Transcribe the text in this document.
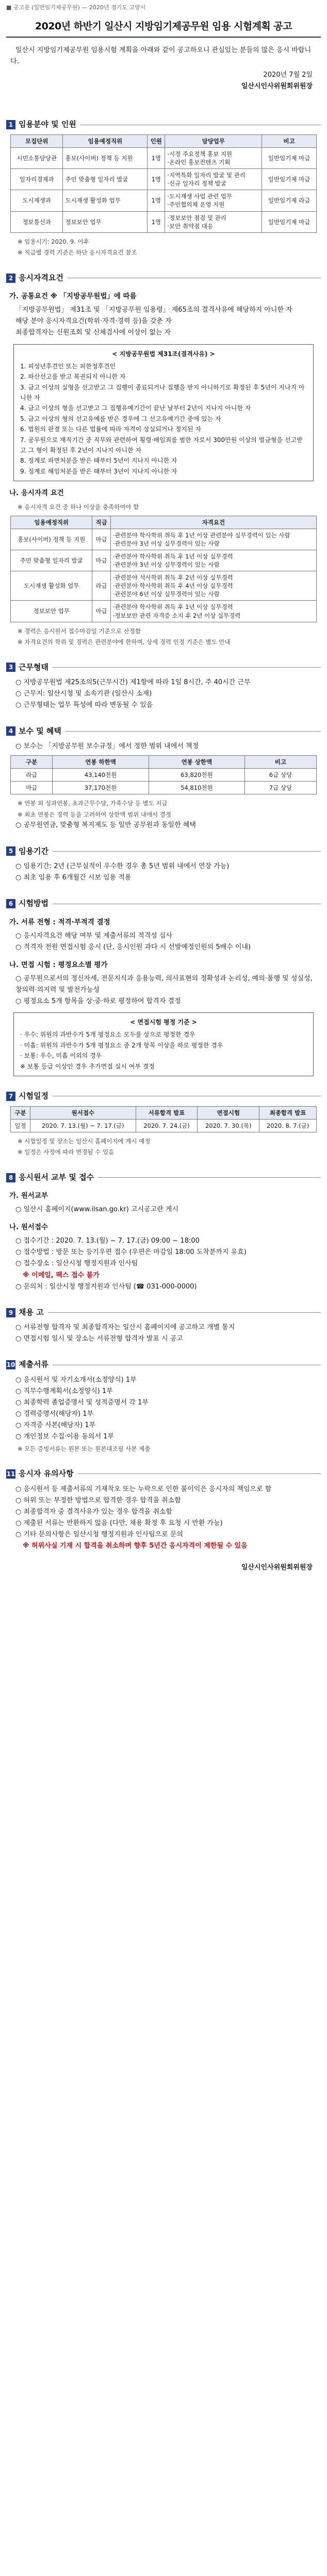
■ 공고문 (일반임기제공무원) — 2020년 경기도 고양시
2020년 하반기 일산시 지방임기제공무원 임용 시험계획 공고
일산시 지방임기제공무원 임용시험 계획을 아래와 같이 공고하오니 관심있는 분들의 많은 응시 바랍니다.
2020년 7월 2일
일산시인사위원회위원장
1 임용분야 및 인원
모집단위	임용예정직위	인원	담당업무	비고
시민소통담당관	홍보(사이버) 정책 등 지원	1명	·시정 주요정책 홍보 지원
·온라인 홍보컨텐츠 기획	일반임기제 마급
일자리경제과	주민 맞춤형 일자리 발굴	1명	·지역특화 일자리 발굴 및 관리
·신규 일자리 정책 발굴	일반임기제 마급
도시재생과	도시재생 활성화 업무	1명	·도시재생 사업 관련 업무
·주민협의체 운영 지원	일반임기제 라급
정보통신과	정보보안 업무	1명	·정보보안 점검 및 관리
·보안 취약점 대응	일반임기제 마급
※ 임용시기: 2020. 9. 이후
※ 직급별 경력 기준은 하단 응시자격요건 참조
2 응시자격요건
가. 공통요건 ※ 「지방공무원법」에 따름
「지방공무원법」 제31조 및 「지방공무원 임용령」 제65조의 결격사유에 해당하지 아니한 자
해당 분야 응시자격요건(학위·자격·경력 등)을 갖춘 자
최종합격자는 신원조회 및 신체검사에 이상이 없는 자
< 지방공무원법 제31조(결격사유) >
1. 피성년후견인 또는 피한정후견인
2. 파산선고를 받고 복권되지 아니한 자
3. 금고 이상의 실형을 선고받고 그 집행이 종료되거나 집행을 받지 아니하기로 확정된 후 5년이 지나지 아니한 자
4. 금고 이상의 형을 선고받고 그 집행유예기간이 끝난 날부터 2년이 지나지 아니한 자
5. 금고 이상의 형의 선고유예를 받은 경우에 그 선고유예기간 중에 있는 자
6. 법원의 판결 또는 다른 법률에 따라 자격이 상실되거나 정지된 자
7. 공무원으로 재직기간 중 직무와 관련하여 횡령·배임죄를 범한 자로서 300만원 이상의 벌금형을 선고받고 그 형이 확정된 후 2년이 지나지 아니한 자
8. 징계로 파면처분을 받은 때부터 5년이 지나지 아니한 자
9. 징계로 해임처분을 받은 때부터 3년이 지나지 아니한 자
나. 응시자격 요건
※ 응시자격 요건 중 하나 이상을 충족하여야 함
임용예정직위	직급	자격요건
홍보(사이버) 정책 등 지원	마급	·관련분야 학사학위 취득 후 1년 이상 관련분야 실무경력이 있는 사람
·관련분야 3년 이상 실무경력이 있는 사람
주민 맞춤형 일자리 발굴	마급	·관련분야 학사학위 취득 후 1년 이상 실무경력
·관련분야 3년 이상 실무경력이 있는 사람
도시재생 활성화 업무	라급	·관련분야 석사학위 취득 후 2년 이상 실무경력
·관련분야 학사학위 취득 후 4년 이상 실무경력
·관련분야 6년 이상 실무경력이 있는 사람
정보보안 업무	마급	·관련분야 학사학위 취득 후 1년 이상 실무경력
·정보보안 관련 자격증 소지 후 2년 이상 실무경력
※ 경력은 응시원서 접수마감일 기준으로 산정함
※ 자격요건의 학위 및 경력은 관련분야에 한하며, 상세 경력 인정 기준은 별도 안내
3 근무형태
○ 지방공무원법 제25조의5(근무시간) 제1항에 따라 1일 8시간, 주 40시간 근무
○ 근무지: 일산시청 및 소속기관 (일산시 소재)
○ 근무형태는 업무 특성에 따라 변동될 수 있음
4 보수 및 혜택
○ 보수는 「지방공무원 보수규정」에서 정한 범위 내에서 책정
구분	연봉 하한액	연봉 상한액	비고
라급	43,140천원	63,820천원	6급 상당
마급	37,170천원	54,810천원	7급 상당
※ 연봉 외 성과연봉, 초과근무수당, 가족수당 등 별도 지급
※ 최초 연봉은 경력 등을 고려하여 상한액 범위 내에서 결정
○ 공무원연금, 맞춤형 복지제도 등 일반 공무원과 동일한 혜택
5 임용기간
○ 임용기간: 2년 (근무실적이 우수한 경우 총 5년 범위 내에서 연장 가능)
○ 최초 임용 후 6개월간 시보 임용 적용
6 시험방법
가. 서류 전형 : 적격·부적격 결정
○ 응시자격요건 해당 여부 및 제출서류의 적격성 심사
○ 적격자 전원 면접시험 응시 (단, 응시인원 과다 시 선발예정인원의 5배수 이내)
나. 면접 시험 : 평정요소별 평가
○ 공무원으로서의 정신자세, 전문지식과 응용능력, 의사표현의 정확성과 논리성, 예의·품행 및 성실성, 창의력·의지력 및 발전가능성
○ 평정요소 5개 항목을 상·중·하로 평정하여 합격자 결정
< 면접시험 평정 기준 >
· 우수: 위원의 과반수가 5개 평정요소 모두를 상으로 평정한 경우
· 미흡: 위원의 과반수가 5개 평정요소 중 2개 항목 이상을 하로 평정한 경우
· 보통: 우수, 미흡 이외의 경우
※ 보통 등급 이상인 경우 추가면접 실시 여부 결정
7 시험일정
구분	원서접수	서류합격 발표	면접시험	최종합격 발표
일정	2020. 7. 13.(월) ~ 7. 17.(금)	2020. 7. 24.(금)	2020. 7. 30.(목)	2020. 8. 7.(금)
※ 시험일정 및 장소는 일산시 홈페이지에 게시 예정
※ 일정은 사정에 따라 변경될 수 있음
8 응시원서 교부 및 접수
가. 원서교부
○ 일산시 홈페이지(www.ilsan.go.kr) 고시공고란 게시
나. 원서접수
○ 접수기간 : 2020. 7. 13.(월) ~ 7. 17.(금) 09:00 ~ 18:00
○ 접수방법 : 방문 또는 등기우편 접수 (우편은 마감일 18:00 도착분까지 유효)
○ 접수장소 : 일산시청 행정지원과 인사팀
※ 이메일, 팩스 접수 불가
○ 문의처 : 일산시청 행정지원과 인사팀 (☎ 031-000-0000)
9 채용 고
○ 서류전형 합격자 및 최종합격자는 일산시 홈페이지에 공고하고 개별 통지
○ 면접시험 일시 및 장소는 서류전형 합격자 발표 시 공고
10 제출서류
○ 응시원서 및 자기소개서(소정양식) 1부
○ 직무수행계획서(소정양식) 1부
○ 최종학력 졸업증명서 및 성적증명서 각 1부
○ 경력증명서(해당자) 1부
○ 자격증 사본(해당자) 1부
○ 개인정보 수집·이용 동의서 1부
※ 모든 증빙서류는 원본 또는 원본대조필 사본 제출
11 응시자 유의사항
○ 응시원서 등 제출서류의 기재착오 또는 누락으로 인한 불이익은 응시자의 책임으로 함
○ 허위 또는 부정한 방법으로 합격한 경우 합격을 취소함
○ 최종합격자 중 결격사유가 있는 경우 합격을 취소함
○ 제출된 서류는 반환하지 않음 (다만, 채용 확정 후 요청 시 반환 가능)
○ 기타 문의사항은 일산시청 행정지원과 인사팀으로 문의
※ 허위사실 기재 시 합격을 취소하며 향후 5년간 응시자격이 제한될 수 있음
일산시인사위원회위원장
